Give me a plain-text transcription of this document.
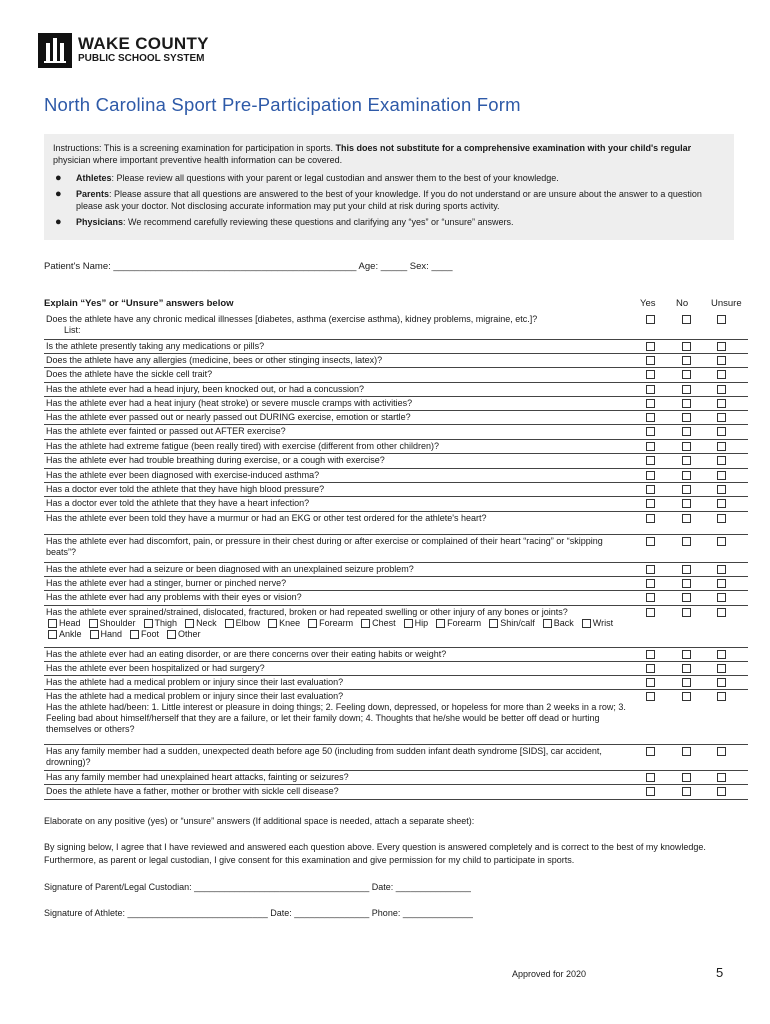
WAKE COUNTY
PUBLIC SCHOOL SYSTEM
North Carolina Sport Pre-Participation Examination Form
Instructions: This is a screening examination for participation in sports. This does not substitute for a comprehensive examination with your child's regular physician where important preventive health information can be covered.
● Athletes: Please review all questions with your parent or legal custodian and answer them to the best of your knowledge.
● Parents: Please assure that all questions are answered to the best of your knowledge. If you do not understand or are unsure about the answer to a question please ask your doctor. Not disclosing accurate information may put your child at risk during sports activity.
● Physicians: We recommend carefully reviewing these questions and clarifying any “yes” or “unsure” answers.
Patient's Name: ______________________________________________ Age: _____ Sex: ____
Explain “Yes” or “Unsure” answers below	Yes No Unsure
Does the athlete have any chronic medical illnesses [diabetes, asthma (exercise asthma), kidney problems, migraine, etc.]?
List:
Is the athlete presently taking any medications or pills?
Does the athlete have any allergies (medicine, bees or other stinging insects, latex)?
Does the athlete have the sickle cell trait?
Has the athlete ever had a head injury, been knocked out, or had a concussion?
Has the athlete ever had a heat injury (heat stroke) or severe muscle cramps with activities?
Has the athlete ever passed out or nearly passed out DURING exercise, emotion or startle?
Has the athlete ever fainted or passed out AFTER exercise?
Has the athlete had extreme fatigue (been really tired) with exercise (different from other children)?
Has the athlete ever had trouble breathing during exercise, or a cough with exercise?
Has the athlete ever been diagnosed with exercise-induced asthma?
Has a doctor ever told the athlete that they have high blood pressure?
Has a doctor ever told the athlete that they have a heart infection?
Has the athlete ever been told they have a murmur or had an EKG or other test ordered for the athlete's heart?
Has the athlete ever had discomfort, pain, or pressure in their chest during or after exercise or complained of their heart “racing” or “skipping beats”?
Has the athlete ever had a seizure or been diagnosed with an unexplained seizure problem?
Has the athlete ever had a stinger, burner or pinched nerve?
Has the athlete ever had any problems with their eyes or vision?
Has the athlete ever sprained/strained, dislocated, fractured, broken or had repeated swelling or other injury of any bones or joints?
Head Shoulder Thigh Neck Elbow Knee Forearm Chest Hip Forearm Shin/calf Back WristAnkle Hand Foot Other
Has the athlete ever had an eating disorder, or are there concerns over their eating habits or weight?
Has the athlete ever been hospitalized or had surgery?
Has the athlete had a medical problem or injury since their last evaluation?
Has the athlete had a medical problem or injury since their last evaluation?
Has the athlete had/been: 1. Little interest or pleasure in doing things; 2. Feeling down, depressed, or hopeless for more than 2 weeks in a row; 3. Feeling bad about himself/herself that they are a failure, or let their family down; 4. Thoughts that he/she would be better off dead or hurting themselves or others?
Has any family member had a sudden, unexpected death before age 50 (including from sudden infant death syndrome [SIDS], car accident, drowning)?
Has any family member had unexplained heart attacks, fainting or seizures?
Does the athlete have a father, mother or brother with sickle cell disease?
Elaborate on any positive (yes) or “unsure” answers (If additional space is needed, attach a separate sheet):
By signing below, I agree that I have reviewed and answered each question above. Every question is answered completely and is correct to the best of my knowledge. Furthermore, as parent or legal custodian, I give consent for this examination and give permission for my child to participate in sports.
Signature of Parent/Legal Custodian: ___________________________________ Date: _______________
Signature of Athlete: ____________________________ Date: _______________ Phone: ______________
Approved for 2020	5
